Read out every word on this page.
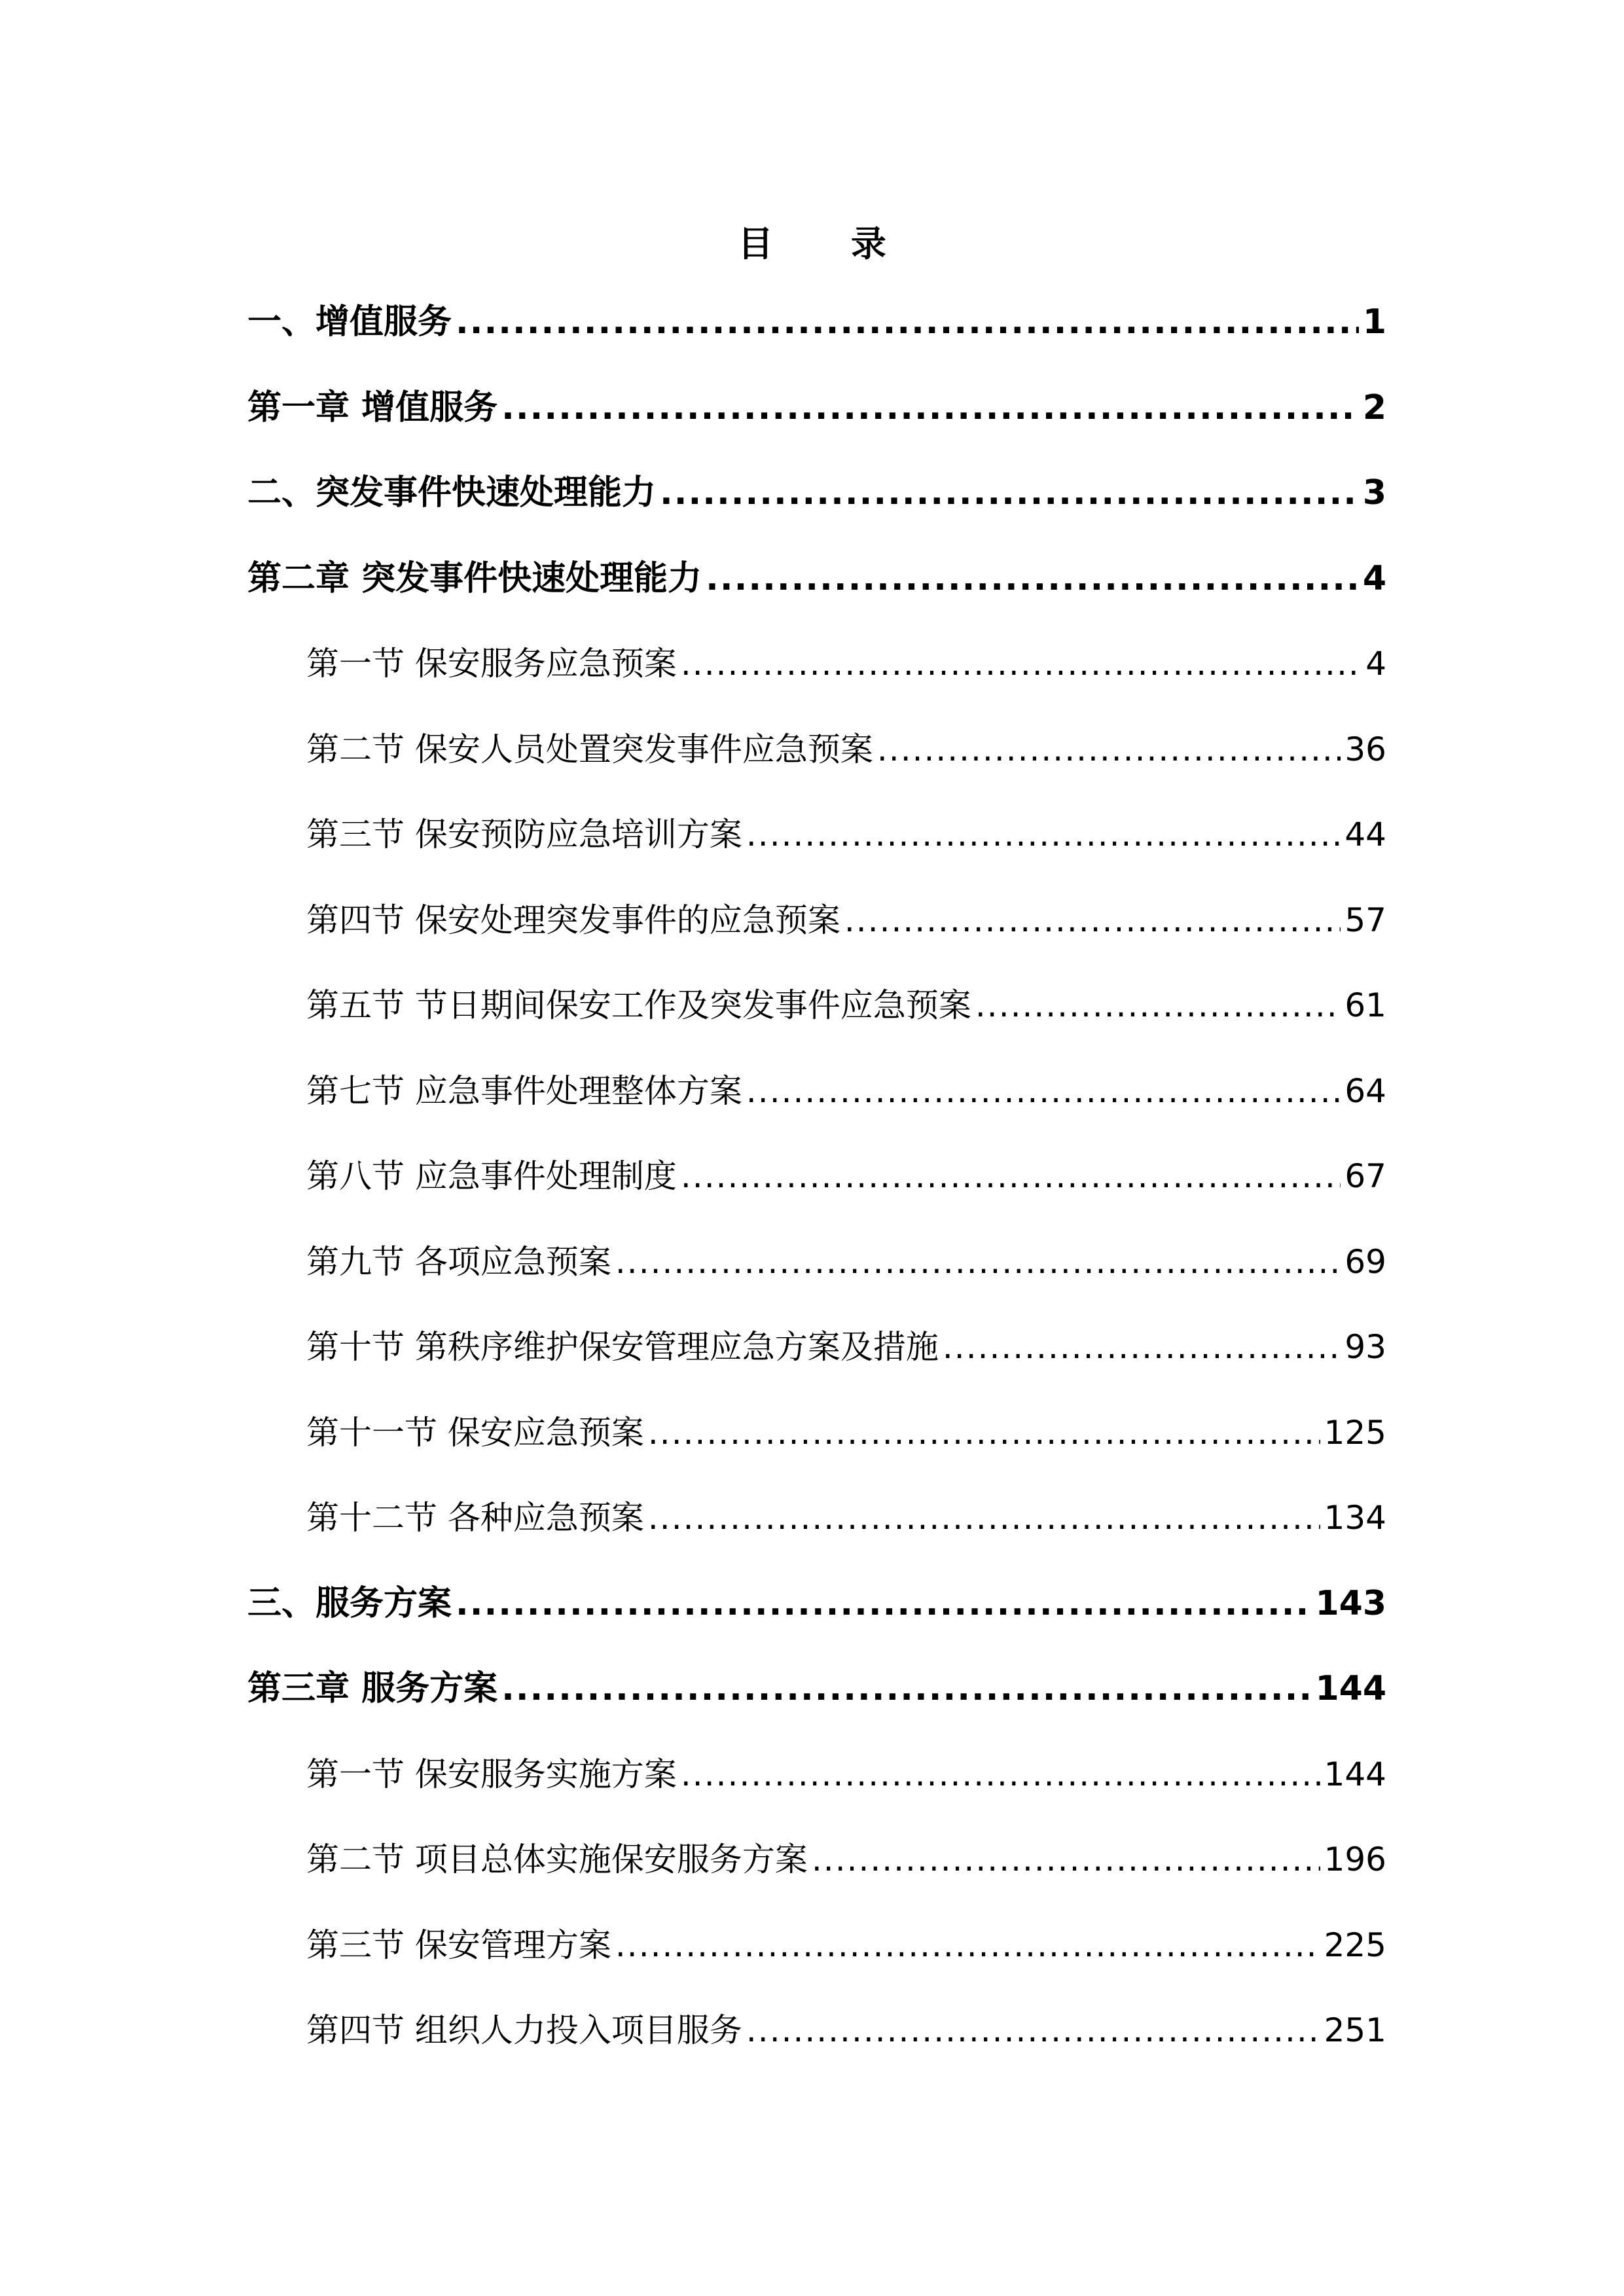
目 录
一、增值服务 .....	1
第一章 增值服务 .....	2
二、突发事件快速处理能力 .....	3
第二章 突发事件快速处理能力 .....	4
第一节 保安服务应急预案 .....	4
第二节 保安人员处置突发事件应急预案 .....	36
第三节 保安预防应急培训方案 .....	44
第四节 保安处理突发事件的应急预案 .....	57
第五节 节日期间保安工作及突发事件应急预案 .....	61
第七节 应急事件处理整体方案 .....	64
第八节 应急事件处理制度 .....	67
第九节 各项应急预案 .....	69
第十节 第秩序维护保安管理应急方案及措施 .....	93
第十一节 保安应急预案 .....	125
第十二节 各种应急预案 .....	134
三、服务方案 .....	143
第三章 服务方案 .....	144
第一节 保安服务实施方案 .....	144
第二节 项目总体实施保安服务方案 .....	196
第三节 保安管理方案 .....	225
第四节 组织人力投入项目服务 .....	251
